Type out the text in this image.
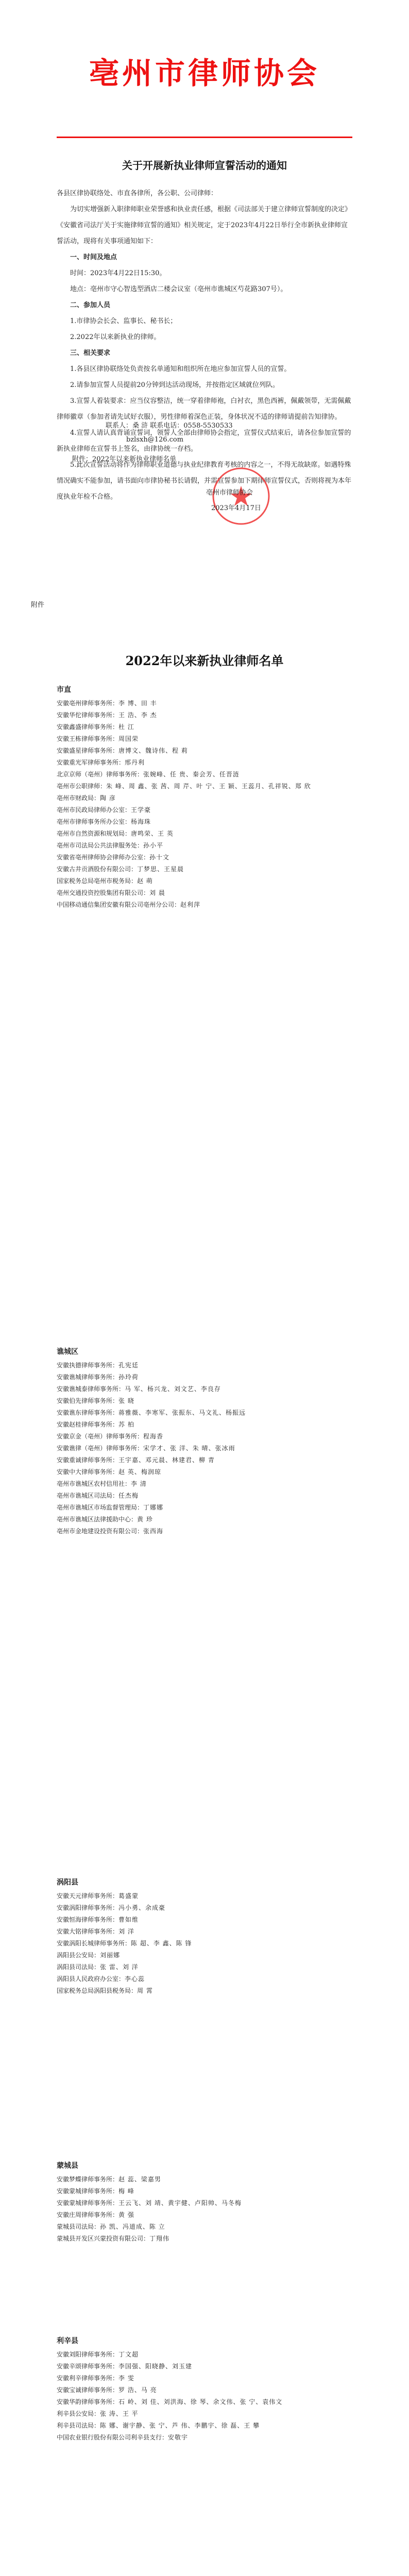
亳州市律师协会
关于开展新执业律师宣誓活动的通知

各县区律协联络处、市直各律所，各公职、公司律师：

为切实增强新入职律师职业荣誉感和执业责任感，根据《司法部关于建立律师宣誓制度的决定》《安徽省司法厅关于实施律师宣誓的通知》相关规定，定于2023年4月22日举行全市新执业律师宣誓活动，现将有关事项通知如下：

一、时间及地点

时间：2023年4月22日15:30。

地点：亳州市守心智选型酒店二楼会议室（亳州市谯城区芍花路307号）。

二、参加人员

1.市律协会长会、监事长、秘书长；

2.2022年以来新执业的律师。

三、相关要求

1.各县区律协联络处负责按名单通知和组织所在地应参加宣誓人员的宣誓。

2.请参加宣誓人员提前20分钟到达活动现场，并按指定区域就位列队。

3.宣誓人着装要求：应当仪容整洁，统一穿着律师袍，白衬衣，黑色西裤，佩戴领带，无需佩戴律师徽章（参加者请先试好衣服），男性律师着深色正装，身体状况不适的律师请提前告知律协。

4.宣誓人请认真背诵宣誓词，领誓人全部由律师协会指定，宣誓仪式结束后，请各位参加宣誓的新执业律师在宣誓书上签名，由律协统一存档。

5.此次宣誓活动将作为律师职业道德与执业纪律教育考核的内容之一，不得无故缺席。如遇特殊情况确实不能参加，请书面向市律协秘书长请假，并需宣誓参加下期律师宣誓仪式，否则将视为本年度执业年检不合格。

联系人：桑 浒 联系电话：0558-5530533
bzlsxh@126.com
附件：2022年以来新执业律师名单
亳州市律师协会
2023年4月17日
附件
2022年以来新执业律师名单
市直
安徽亳州律师事务所： 李 博、田 丰
安徽华佗律师事务所： 王 浩、李 杰
安徽鑫盛律师事务所： 杜 江
安徽王栋律师事务所： 周国荣
安徽盛星律师事务所： 唐博文、魏诗伟、程 莉
安徽重光军律师事务所： 邢丹利
北京京师（亳州）律师事务所： 张婉峰、任 贵、秦会芳、任晋涟
亳州市公职律师： 朱 峰、周 鑫、张 茜、周 芹、叶 宁、王 颖、王蕊月、孔祥锐、郑 欣
亳州市财政局： 陶 彦
亳州市民政局律师办公室： 王学豪
亳州市律师事务所办公室： 杨海珠
亳州市自然资源和规划局： 唐鸣荣、王 英
亳州市司法局公共法律服务处： 孙小平
安徽省亳州律师协会律师办公室： 孙十文
安徽古井贡酒股份有限公司： 丁梦思、王星晨
国家税务总局亳州市税务局： 赵 萌
亳州交通投资控股集团有限公司： 刘 晨
中国移动通信集团安徽有限公司亳州分公司： 赵利萍
谯城区
安徽执德律师事务所： 孔宪廷
安徽谯城律师事务所： 孙玲荷
安徽谯城泰律师事务所： 马 军、杨兴龙、刘文艺、李良存
安徽伯先律师事务所： 张 晓
安徽谯东律师事务所： 蒋雅薇、李寒军、张振东、马文礼、杨振远
安徽赵桂律师事务所： 苏 柏
安徽京金（亳州）律师事务所： 程海香
安徽谯律（亳州）律师事务所： 宋学才、张 洋、朱 晴、张冰雨
安徽重诚律师事务所： 王宇嘉、邓元晨、林建君、柳 青
安徽中大律师事务所： 赵 英、梅润琼
亳州市谯城区农村信用社： 李 清
亳州市谯城区司法局： 任杰梅
亳州市谯城区市场监督管理局： 丁娜娜
亳州市谯城区法律援助中心： 黄 珍
亳州市金地建设投资有限公司： 张西海
涡阳县
安徽天元律师事务所： 葛盛蒙
安徽涡阳律师事务所： 冯小勇、余成豪
安徽恒海律师事务所： 曹如维
安徽大铭律师事务所： 刘 洋
安徽涡阳长城律师事务所： 陈 超、李 鑫、陈 锋
涡阳县公安局： 刘丽娜
涡阳县司法局： 张 雷、刘 洋
涡阳县人民政府办公室： 李心蕊
国家税务总局涡阳县税务局： 周 霄
蒙城县
安徽梦蝶律师事务所： 赵 蕊、梁嘉男
安徽蒙城律师事务所： 梅 峰
安徽蒙城律师事务所： 王云飞、刘 靖、黄宇健、卢阳帅、马冬梅
安徽庄周律师事务所： 黄 强
蒙城县司法局： 孙 凯、冯道成、陈 立
蒙城县开发区兴蒙投资有限公司： 丁翔伟
利辛县
安徽刘阳律师事务所： 丁文超
安徽辛颂律师事务所： 李国强、阳晓静、刘玉建
安徽利辛律师事务所： 李 雯
安徽宝诚律师事务所： 罗 浩、马 亮
安徽华韵律师事务所： 石 岭、刘 佳、刘洪海、徐 琴、余文伟、张 宁、袁伟文
利辛县公安局： 张 涛、王 平
利辛县司法局： 陈 娜、谢宇静、张 宁、芦 伟、李鹏宇、徐 磊、王 攀
中国农业银行股份有限公司利辛县支行： 安敬宇
